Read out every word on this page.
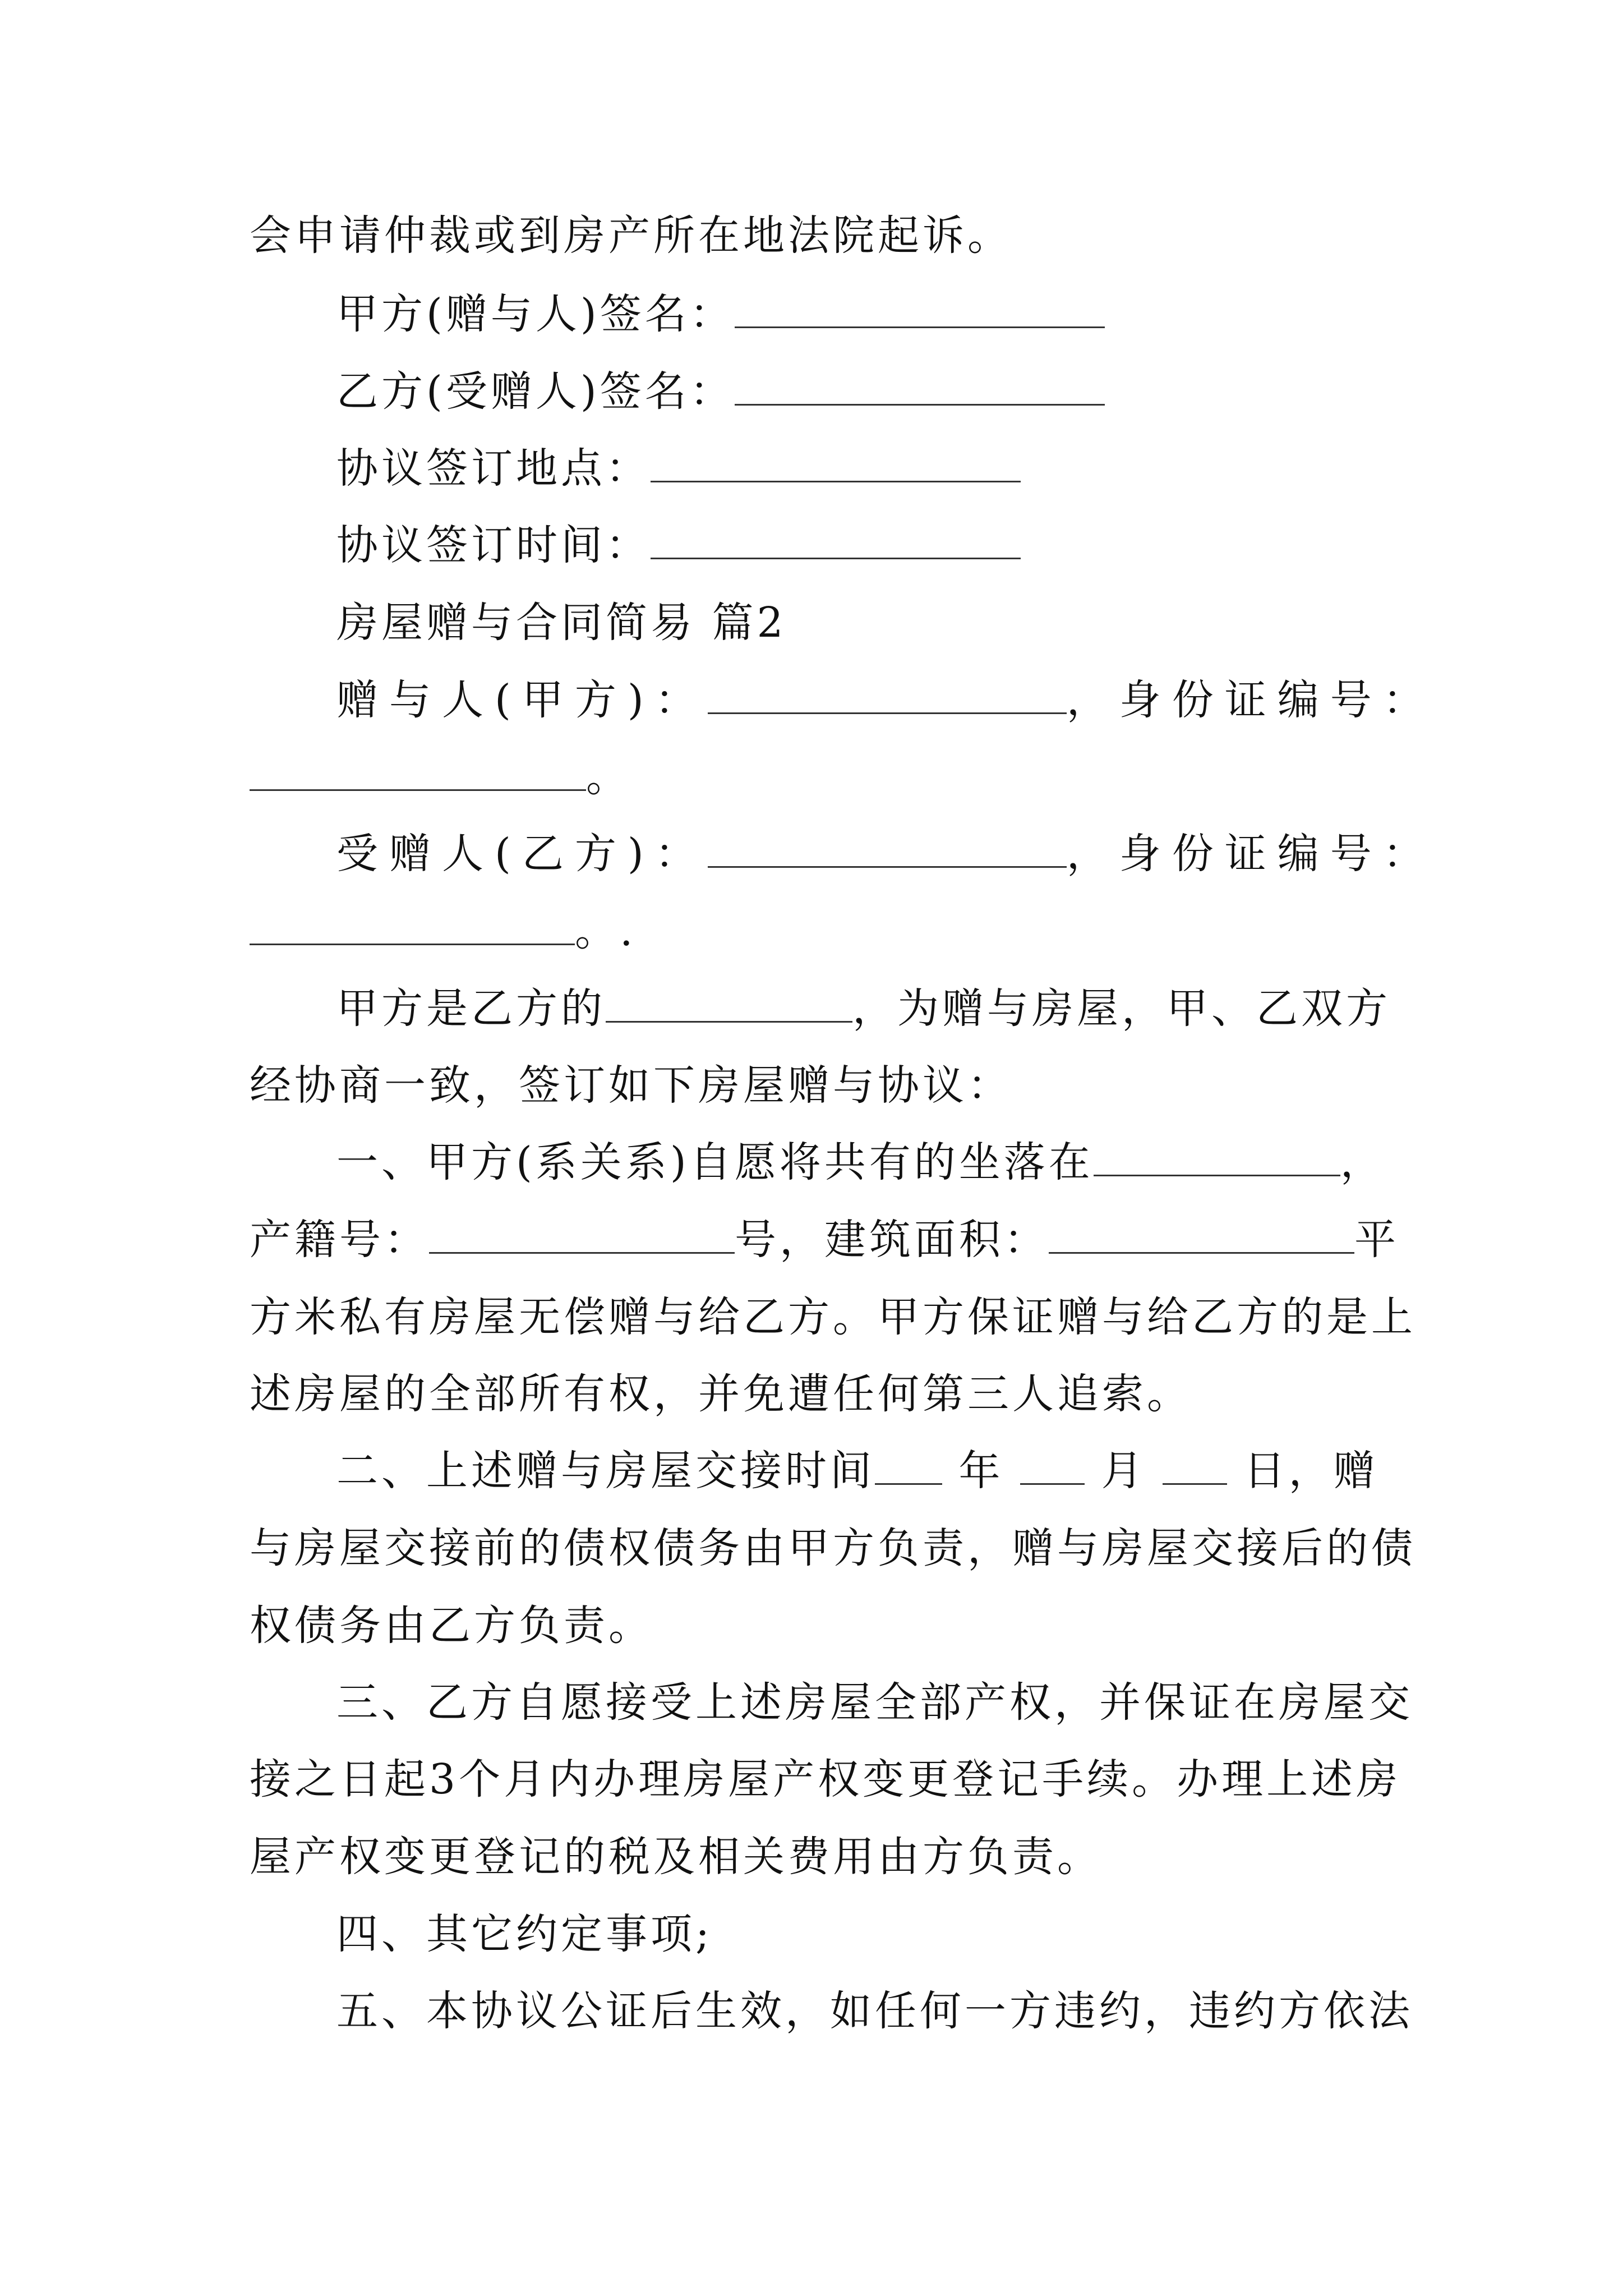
会申请仲裁或到房产所在地法院起诉。
甲方(赠与人)签名：
乙方(受赠人)签名：
协议签订地点：
协议签订时间：
房屋赠与合同简易 篇2
赠与人(甲方)：	，身份证编号：
。
受赠人(乙方)：	，身份证编号：
。.
甲方是乙方的	，为赠与房屋，甲、乙双方
经协商一致，签订如下房屋赠与协议：
一、甲方(系关系)自愿将共有的坐落在	，
产籍号：	号，建筑面积：	平
方米私有房屋无偿赠与给乙方。甲方保证赠与给乙方的是上
述房屋的全部所有权，并免遭任何第三人追索。
二、上述赠与房屋交接时间 年 月 日，赠
与房屋交接前的债权债务由甲方负责，赠与房屋交接后的债
权债务由乙方负责。
三、乙方自愿接受上述房屋全部产权，并保证在房屋交
接之日起3个月内办理房屋产权变更登记手续。办理上述房
屋产权变更登记的税及相关费用由方负责。
四、其它约定事项;
五、本协议公证后生效，如任何一方违约，违约方依法
